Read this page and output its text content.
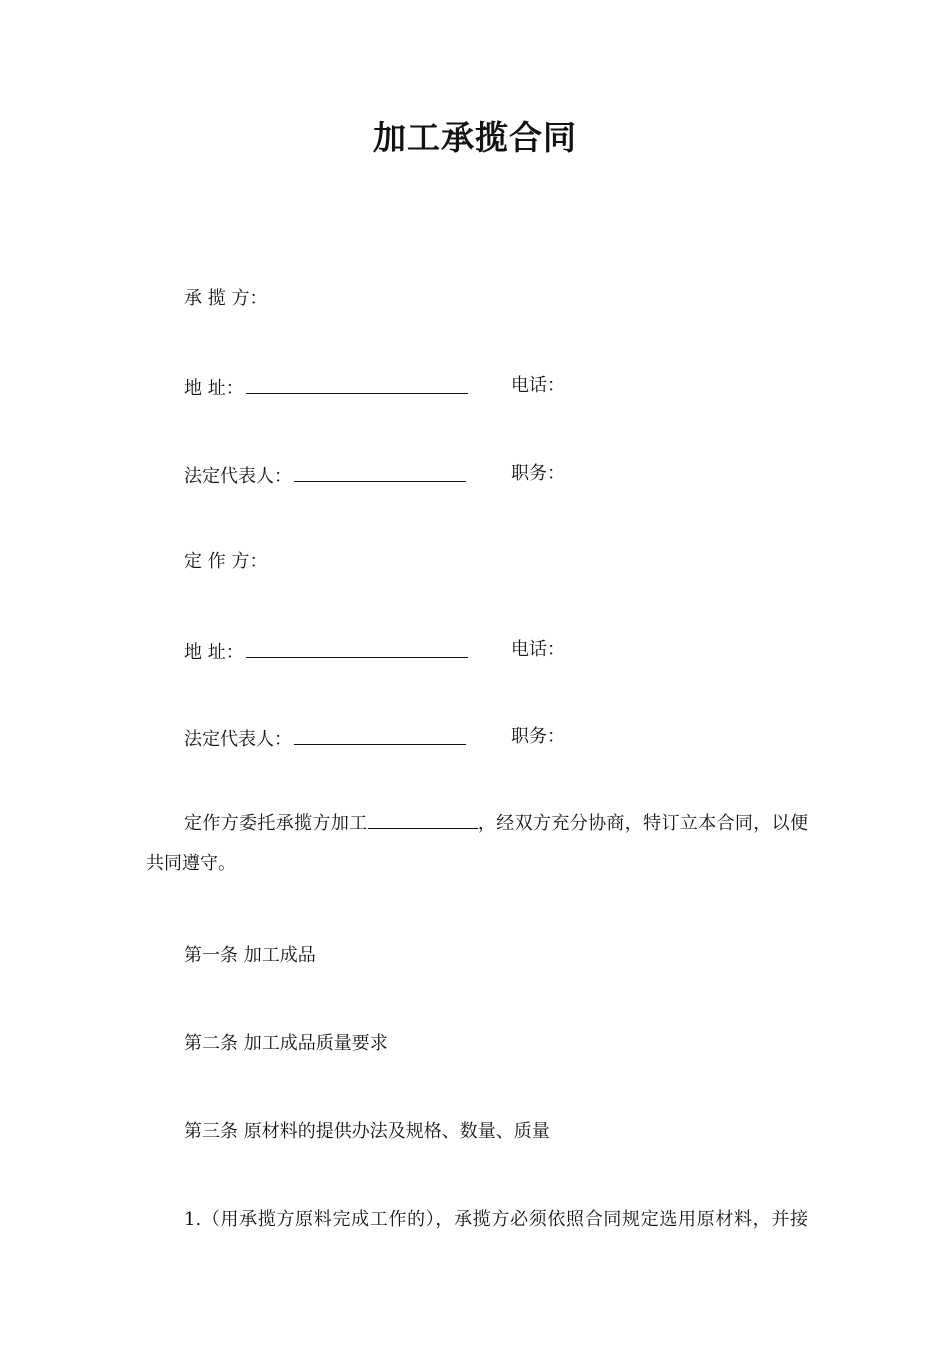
加工承揽合同
承 揽 方：
地 址：	电话：
法定代表人：	职务：
定 作 方：
地 址：	电话：
法定代表人：	职务：
定作方委托承揽方加工	，经双方充分协商，特订立本合同，以便共同遵守。
第一条 加工成品
第二条 加工成品质量要求
第三条 原材料的提供办法及规格、数量、质量
1.（用承揽方原料完成工作的），承揽方必须依照合同规定选用原材料，并接
